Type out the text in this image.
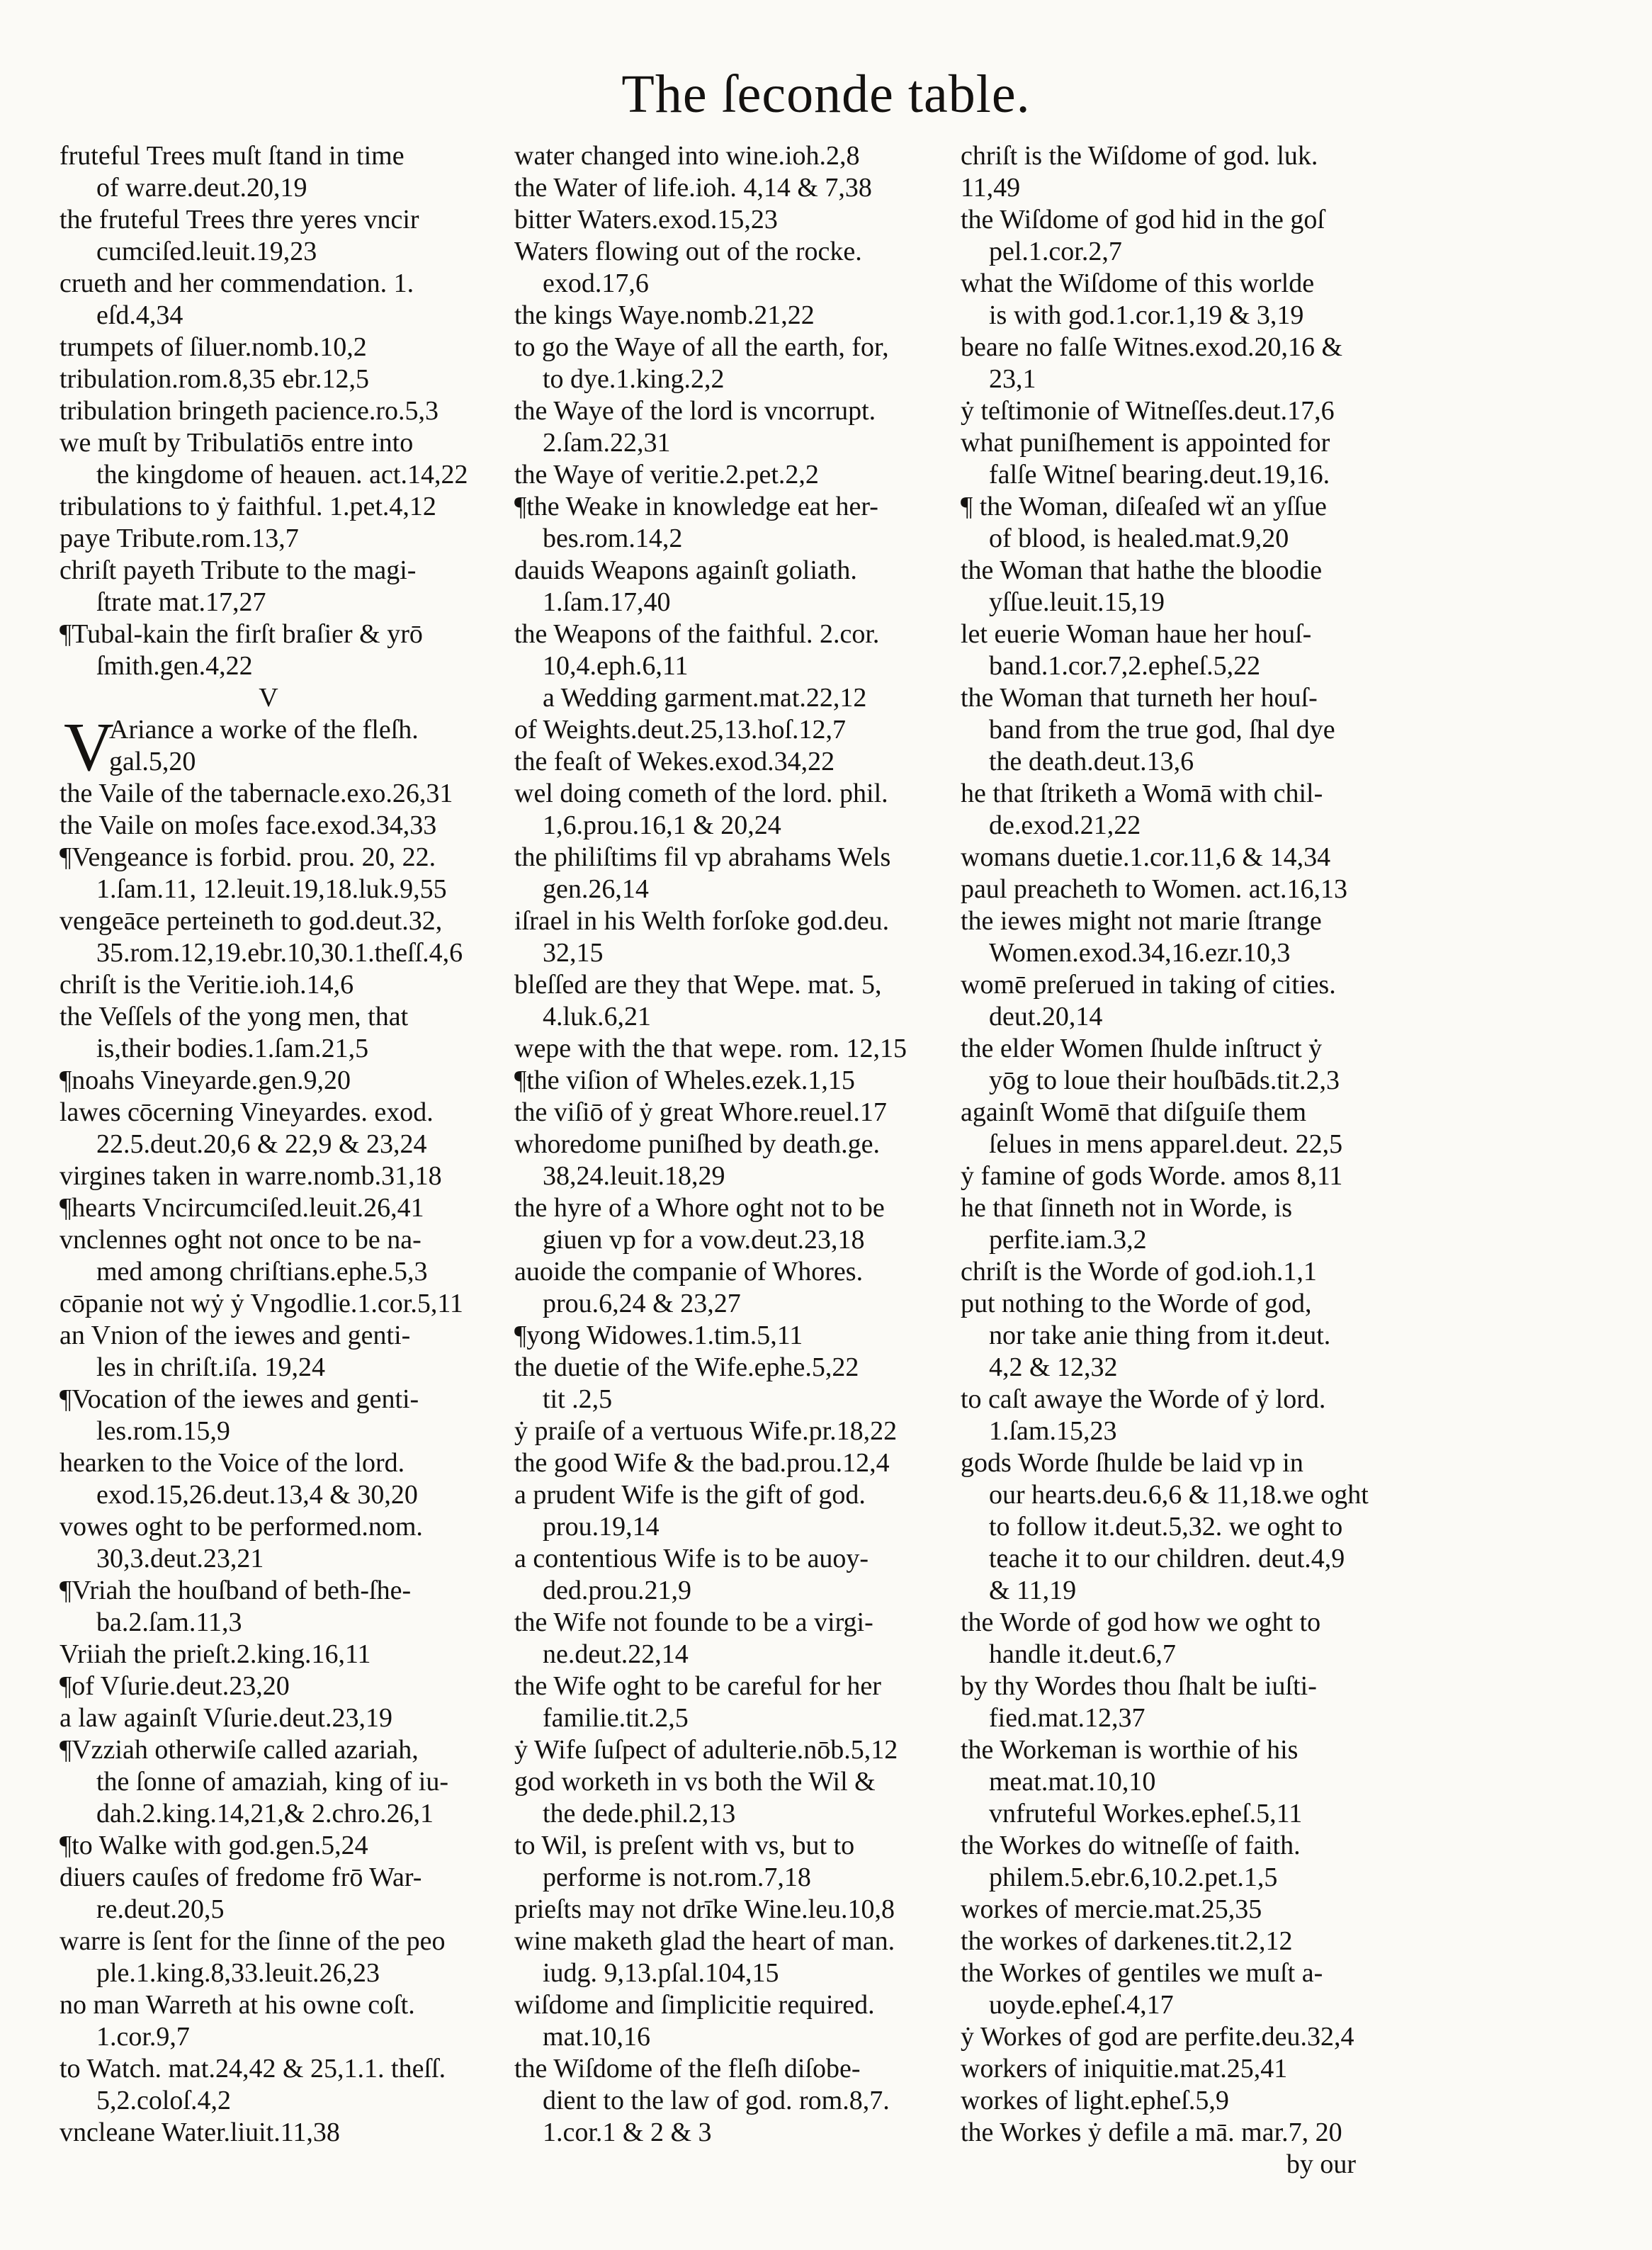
The ſeconde table.
fruteful Trees muſt ſtand in time
of warre.deut.20,19
the fruteful Trees thre yeres vncir
cumciſed.leuit.19,23
crueth and her commendation. 1.
eſd.4,34
trumpets of ſiluer.nomb.10,2
tribulation.rom.8,35 ebr.12,5
tribulation bringeth pacience.ro.5,3
we muſt by Tribulatiōs entre into
the kingdome of heauen. act.14,22
tribulations to ẏ faithful. 1.pet.4,12
paye Tribute.rom.13,7
chriſt payeth Tribute to the magi-
ſtrate mat.17,27
¶Tubal-kain the firſt braſier & yrō
ſmith.gen.4,22
V
V
Ariance a worke of the fleſh.
gal.5,20
the Vaile of the tabernacle.exo.26,31
the Vaile on moſes face.exod.34,33
¶Vengeance is forbid. prou. 20, 22.
1.ſam.11, 12.leuit.19,18.luk.9,55
vengeāce perteineth to god.deut.32,
35.rom.12,19.ebr.10,30.1.theſſ.4,6
chriſt is the Veritie.ioh.14,6
the Veſſels of the yong men, that
is,their bodies.1.ſam.21,5
¶noahs Vineyarde.gen.9,20
lawes cōcerning Vineyardes. exod.
22.5.deut.20,6 & 22,9 & 23,24
virgines taken in warre.nomb.31,18
¶hearts Vncircumciſed.leuit.26,41
vnclennes oght not once to be na-
med among chriſtians.ephe.5,3
cōpanie not wẏ ẏ Vngodlie.1.cor.5,11
an Vnion of the iewes and genti-
les in chriſt.iſa. 19,24
¶Vocation of the iewes and genti-
les.rom.15,9
hearken to the Voice of the lord.
exod.15,26.deut.13,4 & 30,20
vowes oght to be performed.nom.
30,3.deut.23,21
¶Vriah the houſband of beth-ſhe-
ba.2.ſam.11,3
Vriiah the prieſt.2.king.16,11
¶of Vſurie.deut.23,20
a law againſt Vſurie.deut.23,19
¶Vzziah otherwiſe called azariah,
the ſonne of amaziah, king of iu-
dah.2.king.14,21,& 2.chro.26,1
¶to Walke with god.gen.5,24
diuers cauſes of fredome frō War-
re.deut.20,5
warre is ſent for the ſinne of the peo
ple.1.king.8,33.leuit.26,23
no man Warreth at his owne coſt.
1.cor.9,7
to Watch. mat.24,42 & 25,1.1. theſſ.
5,2.coloſ.4,2
vncleane Water.liuit.11,38
water changed into wine.ioh.2,8
the Water of life.ioh. 4,14 & 7,38
bitter Waters.exod.15,23
Waters flowing out of the rocke.
exod.17,6
the kings Waye.nomb.21,22
to go the Waye of all the earth, for,
to dye.1.king.2,2
the Waye of the lord is vncorrupt.
2.ſam.22,31
the Waye of veritie.2.pet.2,2
¶the Weake in knowledge eat her-
bes.rom.14,2
dauids Weapons againſt goliath.
1.ſam.17,40
the Weapons of the faithful. 2.cor.
10,4.eph.6,11
a Wedding garment.mat.22,12
of Weights.deut.25,13.hoſ.12,7
the feaſt of Wekes.exod.34,22
wel doing cometh of the lord. phil.
1,6.prou.16,1 & 20,24
the philiſtims fil vp abrahams Wels
gen.26,14
iſrael in his Welth forſoke god.deu.
32,15
bleſſed are they that Wepe. mat. 5,
4.luk.6,21
wepe with the that wepe. rom. 12,15
¶the viſion of Wheles.ezek.1,15
the viſiō of ẏ great Whore.reuel.17
whoredome puniſhed by death.ge.
38,24.leuit.18,29
the hyre of a Whore oght not to be
giuen vp for a vow.deut.23,18
auoide the companie of Whores.
prou.6,24 & 23,27
¶yong Widowes.1.tim.5,11
the duetie of the Wife.ephe.5,22
tit .2,5
ẏ praiſe of a vertuous Wife.pr.18,22
the good Wife & the bad.prou.12,4
a prudent Wife is the gift of god.
prou.19,14
a contentious Wife is to be auoy-
ded.prou.21,9
the Wife not founde to be a virgi-
ne.deut.22,14
the Wife oght to be careful for her
familie.tit.2,5
ẏ Wife ſuſpect of adulterie.nōb.5,12
god worketh in vs both the Wil &
the dede.phil.2,13
to Wil, is preſent with vs, but to
performe is not.rom.7,18
prieſts may not drīke Wine.leu.10,8
wine maketh glad the heart of man.
iudg. 9,13.pſal.104,15
wiſdome and ſimplicitie required.
mat.10,16
the Wiſdome of the fleſh diſobe-
dient to the law of god. rom.8,7.
1.cor.1 & 2 & 3
chriſt is the Wiſdome of god. luk.
11,49
the Wiſdome of god hid in the goſ
pel.1.cor.2,7
what the Wiſdome of this worlde
is with god.1.cor.1,19 & 3,19
beare no falſe Witnes.exod.20,16 &
23,1
ẏ teſtimonie of Witneſſes.deut.17,6
what puniſhement is appointed for
falſe Witneſ bearing.deut.19,16.
¶ the Woman, diſeaſed wẗ an yſſue
of blood, is healed.mat.9,20
the Woman that hathe the bloodie
yſſue.leuit.15,19
let euerie Woman haue her houſ-
band.1.cor.7,2.epheſ.5,22
the Woman that turneth her houſ-
band from the true god, ſhal dye
the death.deut.13,6
he that ſtriketh a Womā with chil-
de.exod.21,22
womans duetie.1.cor.11,6 & 14,34
paul preacheth to Women. act.16,13
the iewes might not marie ſtrange
Women.exod.34,16.ezr.10,3
womē preſerued in taking of cities.
deut.20,14
the elder Women ſhulde inſtruct ẏ
yōg to loue their houſbāds.tit.2,3
againſt Womē that diſguiſe them
ſelues in mens apparel.deut. 22,5
ẏ famine of gods Worde. amos 8,11
he that ſinneth not in Worde, is
perfite.iam.3,2
chriſt is the Worde of god.ioh.1,1
put nothing to the Worde of god,
nor take anie thing from it.deut.
4,2 & 12,32
to caſt awaye the Worde of ẏ lord.
1.ſam.15,23
gods Worde ſhulde be laid vp in
our hearts.deu.6,6 & 11,18.we oght
to follow it.deut.5,32. we oght to
teache it to our children. deut.4,9
& 11,19
the Worde of god how we oght to
handle it.deut.6,7
by thy Wordes thou ſhalt be iuſti-
fied.mat.12,37
the Workeman is worthie of his
meat.mat.10,10
vnfruteful Workes.epheſ.5,11
the Workes do witneſſe of faith.
philem.5.ebr.6,10.2.pet.1,5
workes of mercie.mat.25,35
the workes of darkenes.tit.2,12
the Workes of gentiles we muſt a-
uoyde.epheſ.4,17
ẏ Workes of god are perfite.deu.32,4
workers of iniquitie.mat.25,41
workes of light.epheſ.5,9
the Workes ẏ defile a mā. mar.7, 20
by our
